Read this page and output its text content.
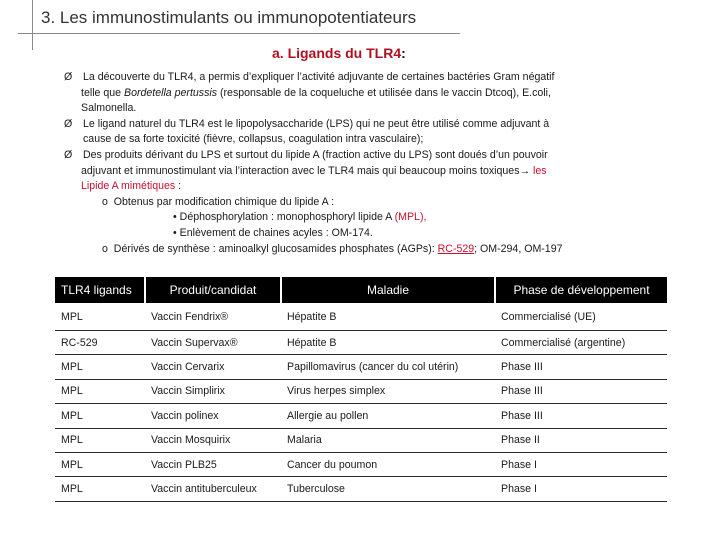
3. Les immunostimulants ou immunopotentiateurs
a. Ligands du TLR4:
Ø La découverte du TLR4, a permis d’expliquer l’activité adjuvante de certaines bactéries Gram négatif
telle que Bordetella pertussis (responsable de la coqueluche et utilisée dans le vaccin Dtcoq), E.coli,
Salmonella.
Ø Le ligand naturel du TLR4 est le lipopolysaccharide (LPS) qui ne peut être utilisé comme adjuvant à
cause de sa forte toxicité (fièvre, collapsus, coagulation intra vasculaire);
Ø Des produits dérivant du LPS et surtout du lipide A (fraction active du LPS) sont doués d’un pouvoir
adjuvant et immunostimulant via l’interaction avec le TLR4 mais qui beaucoup moins toxiques→ les
Lipide A mimétiques :
o Obtenus par modification chimique du lipide A :
• Déphosphorylation : monophosphoryl lipide A (MPL),
• Enlèvement de chaines acyles : OM-174.
o Dérivés de synthèse : aminoalkyl glucosamides phosphates (AGPs): RC-529; OM-294, OM-197
TLR4 ligands	Produit/candidat	Maladie	Phase de développement
MPL	Vaccin Fendrix®	Hépatite B	Commercialisé (UE)
RC-529	Vaccin Supervax®	Hépatite B	Commercialisé (argentine)
MPL	Vaccin Cervarix	Papillomavirus (cancer du col utérin)	Phase III
MPL	Vaccin Simplirix	Virus herpes simplex	Phase III
MPL	Vaccin polinex	Allergie au pollen	Phase III
MPL	Vaccin Mosquirix	Malaria	Phase II
MPL	Vaccin PLB25	Cancer du poumon	Phase I
MPL	Vaccin antituberculeux	Tuberculose	Phase I
